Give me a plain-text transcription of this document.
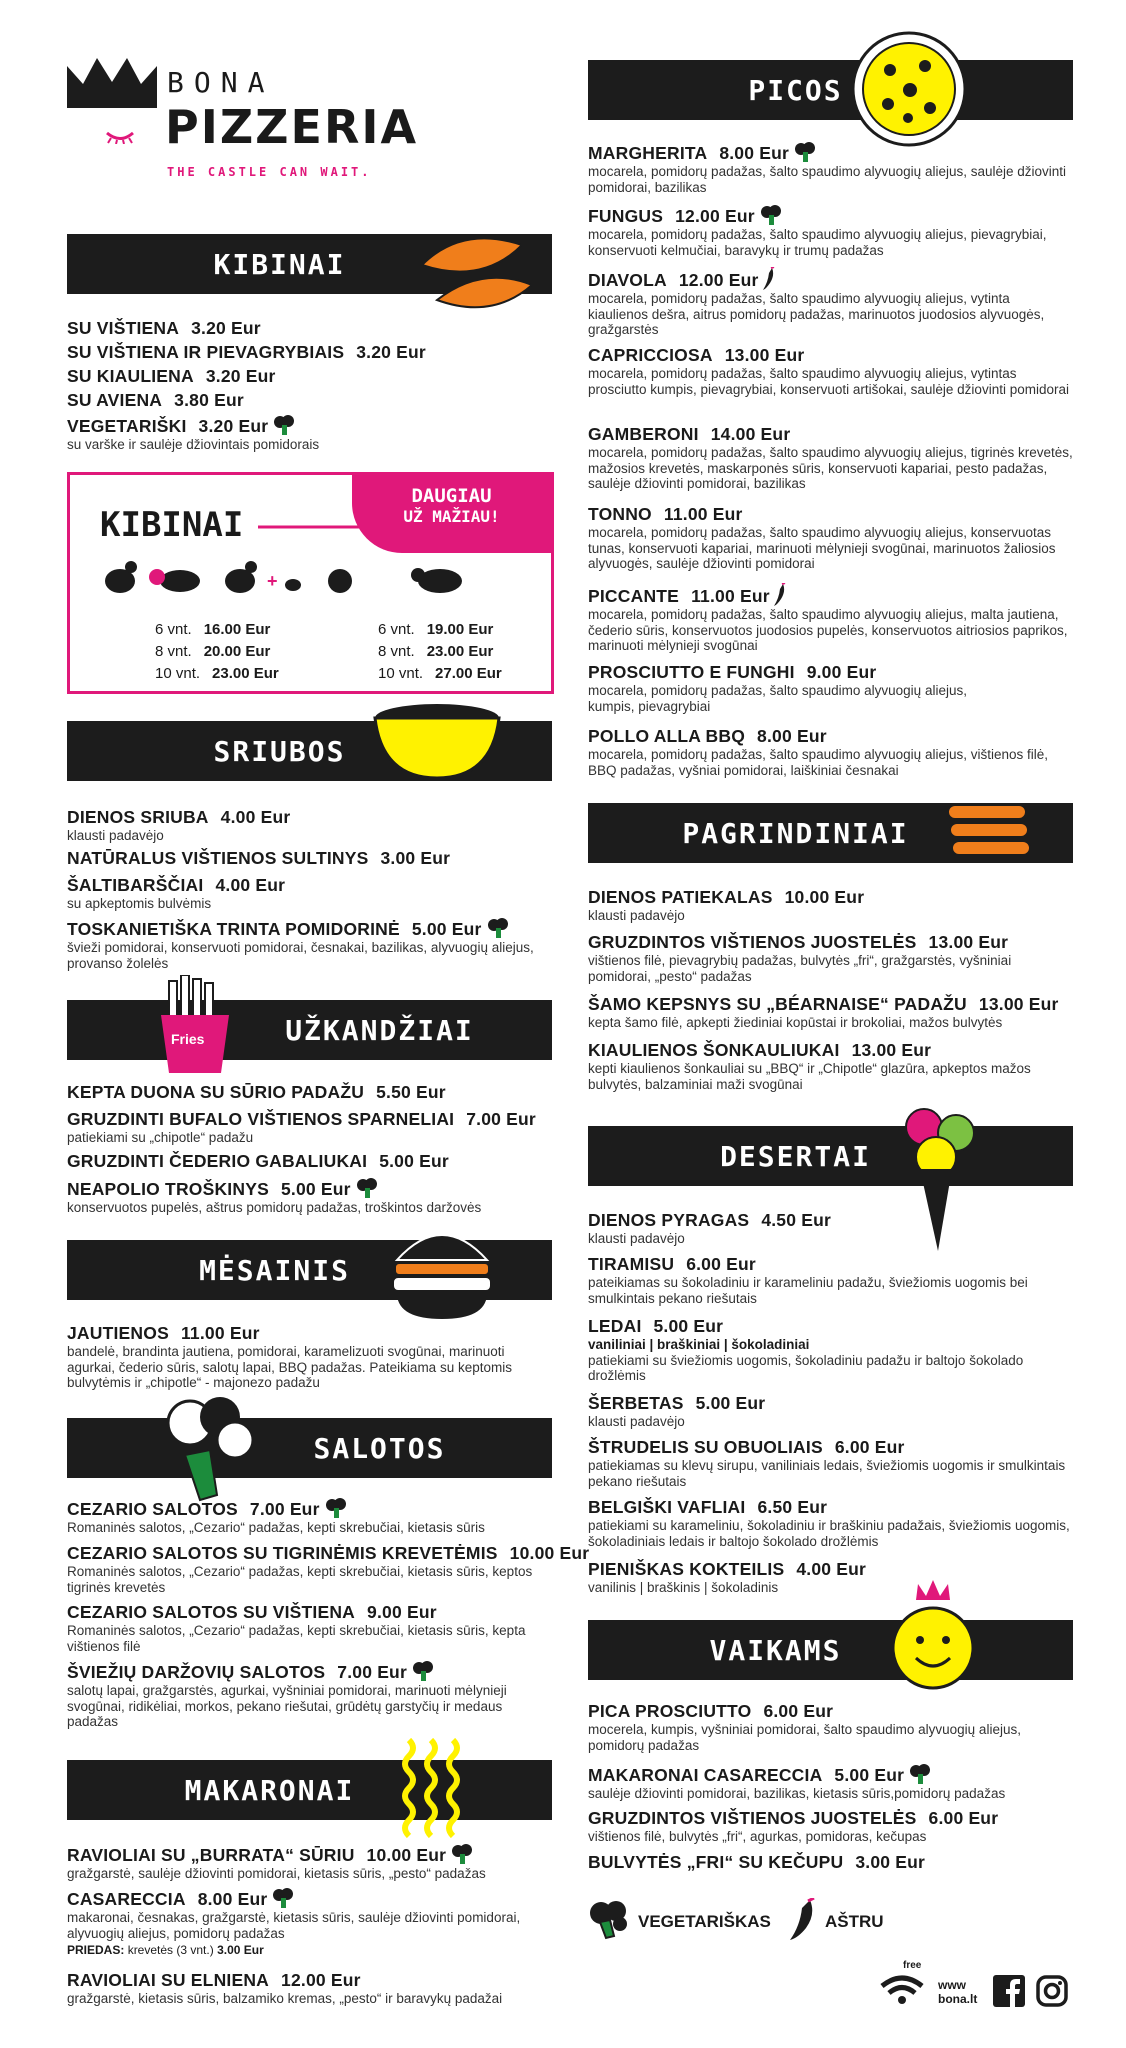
BONA
PIZZERIA
THE CASTLE CAN WAIT.
KIBINAI
SU VIŠTIENA 3.20 Eur
SU VIŠTIENA IR PIEVAGRYBIAIS 3.20 Eur
SU KIAULIENA 3.20 Eur
SU AVIENA 3.80 Eur
VEGETARIŠKI 3.20 Eur
su varške ir saulėje džiovintais pomidorais
KIBINAI
DAUGIAU
UŽ MAŽIAU!
+
6 vnt. 16.00 Eur
8 vnt. 20.00 Eur
10 vnt. 23.00 Eur
6 vnt. 19.00 Eur
8 vnt. 23.00 Eur
10 vnt. 27.00 Eur
SRIUBOS
DIENOS SRIUBA 4.00 Eur
klausti padavėjo
NATŪRALUS VIŠTIENOS SULTINYS 3.00 Eur
ŠALTIBARŠČIAI 4.00 Eur
su apkeptomis bulvėmis
TOSKANIETIŠKA TRINTA POMIDORINĖ 5.00 Eur
švieži pomidorai, konservuoti pomidorai, česnakai, bazilikas, alyvuogių aliejus, provanso žolelės
UŽKANDŽIAI
Fries
KEPTA DUONA SU SŪRIO PADAŽU 5.50 Eur
GRUZDINTI BUFALO VIŠTIENOS SPARNELIAI 7.00 Eur
patiekiami su „chipotle“ padažu
GRUZDINTI ČEDERIO GABALIUKAI 5.00 Eur
NEAPOLIO TROŠKINYS 5.00 Eur
konservuotos pupelės, aštrus pomidorų padažas, troškintos daržovės
MĖSAINIS
JAUTIENOS 11.00 Eur
bandelė, brandinta jautiena, pomidorai, karamelizuoti svogūnai, marinuoti agurkai, čederio sūris, salotų lapai, BBQ padažas. Pateikiama su keptomis bulvytėmis ir „chipotle“ - majonezo padažu
SALOTOS
CEZARIO SALOTOS 7.00 Eur
Romaninės salotos, „Cezario“ padažas, kepti skrebučiai, kietasis sūris
CEZARIO SALOTOS SU TIGRINĖMIS KREVETĖMIS 10.00 Eur
Romaninės salotos, „Cezario“ padažas, kepti skrebučiai, kietasis sūris, keptos tigrinės krevetės
CEZARIO SALOTOS SU VIŠTIENA 9.00 Eur
Romaninės salotos, „Cezario“ padažas, kepti skrebučiai, kietasis sūris, kepta vištienos filė
ŠVIEŽIŲ DARŽOVIŲ SALOTOS 7.00 Eur
salotų lapai, gražgarstės, agurkai, vyšniniai pomidorai, marinuoti mėlynieji svogūnai, ridikėliai, morkos, pekano riešutai, grūdėtų garstyčių ir medaus padažas
MAKARONAI
RAVIOLIAI SU „BURRATA“ SŪRIU 10.00 Eur
gražgarstė, saulėje džiovinti pomidorai, kietasis sūris, „pesto“ padažas
CASARECCIA 8.00 Eur
makaronai, česnakas, gražgarstė, kietasis sūris, saulėje džiovinti pomidorai, alyvuogių aliejus, pomidorų padažas
PRIEDAS: krevetės (3 vnt.) 3.00 Eur
RAVIOLIAI SU ELNIENA 12.00 Eur
gražgarstė, kietasis sūris, balzamiko kremas, „pesto“ ir baravykų padažai
PICOS
MARGHERITA 8.00 Eur
mocarela, pomidorų padažas, šalto spaudimo alyvuogių aliejus, saulėje džiovinti pomidorai, bazilikas
FUNGUS 12.00 Eur
mocarela, pomidorų padažas, šalto spaudimo alyvuogių aliejus, pievagrybiai, konservuoti kelmučiai, baravykų ir trumų padažas
DIAVOLA 12.00 Eur
mocarela, pomidorų padažas, šalto spaudimo alyvuogių aliejus, vytinta kiaulienos dešra, aitrus pomidorų padažas, marinuotos juodosios alyvuogės, gražgarstės
CAPRICCIOSA 13.00 Eur
mocarela, pomidorų padažas, šalto spaudimo alyvuogių aliejus, vytintas prosciutto kumpis, pievagrybiai, konservuoti artišokai, saulėje džiovinti pomidorai
GAMBERONI 14.00 Eur
mocarela, pomidorų padažas, šalto spaudimo alyvuogių aliejus, tigrinės krevetės, mažosios krevetės, maskarponės sūris, konservuoti kapariai, pesto padažas, saulėje džiovinti pomidorai, bazilikas
TONNO 11.00 Eur
mocarela, pomidorų padažas, šalto spaudimo alyvuogių aliejus, konservuotas tunas, konservuoti kapariai, marinuoti mėlynieji svogūnai, marinuotos žaliosios alyvuogės, saulėje džiovinti pomidorai
PICCANTE 11.00 Eur
mocarela, pomidorų padažas, šalto spaudimo alyvuogių aliejus, malta jautiena, čederio sūris, konservuotos juodosios pupelės, konservuotos aitriosios paprikos, marinuoti mėlynieji svogūnai
PROSCIUTTO E FUNGHI 9.00 Eur
mocarela, pomidorų padažas, šalto spaudimo alyvuogių aliejus, kumpis, pievagrybiai
POLLO ALLA BBQ 8.00 Eur
mocarela, pomidorų padažas, šalto spaudimo alyvuogių aliejus, vištienos filė, BBQ padažas, vyšniai pomidorai, laiškiniai česnakai
PAGRINDINIAI
DIENOS PATIEKALAS 10.00 Eur
klausti padavėjo
GRUZDINTOS VIŠTIENOS JUOSTELĖS 13.00 Eur
vištienos filė, pievagrybių padažas, bulvytės „fri“, gražgarstės, vyšniniai pomidorai, „pesto“ padažas
ŠAMO KEPSNYS SU „BÉARNAISE“ PADAŽU 13.00 Eur
kepta šamo filė, apkepti žiediniai kopūstai ir brokoliai, mažos bulvytės
KIAULIENOS ŠONKAULIUKAI 13.00 Eur
kepti kiaulienos šonkauliai su „BBQ“ ir „Chipotle“ glazūra, apkeptos mažos bulvytės, balzaminiai maži svogūnai
DESERTAI
DIENOS PYRAGAS 4.50 Eur
klausti padavėjo
TIRAMISU 6.00 Eur
pateikiamas su šokoladiniu ir karameliniu padažu, šviežiomis uogomis bei smulkintais pekano riešutais
LEDAI 5.00 Eur
vaniliniai | braškiniai | šokoladiniai
patiekiami su šviežiomis uogomis, šokoladiniu padažu ir baltojo šokolado drožlėmis
ŠERBETAS 5.00 Eur
klausti padavėjo
ŠTRUDELIS SU OBUOLIAIS 6.00 Eur
patiekiamas su klevų sirupu, vaniliniais ledais, šviežiomis uogomis ir smulkintais pekano riešutais
BELGIŠKI VAFLIAI 6.50 Eur
patiekiami su karameliniu, šokoladiniu ir braškiniu padažais, šviežiomis uogomis, šokoladiniais ledais ir baltojo šokolado drožlėmis
PIENIŠKAS KOKTEILIS 4.00 Eur
vanilinis | braškinis | šokoladinis
VAIKAMS
PICA PROSCIUTTO 6.00 Eur
mocerela, kumpis, vyšniniai pomidorai, šalto spaudimo alyvuogių aliejus, pomidorų padažas
MAKARONAI CASARECCIA 5.00 Eur
saulėje džiovinti pomidorai, bazilikas, kietasis sūris,pomidorų padažas
GRUZDINTOS VIŠTIENOS JUOSTELĖS 6.00 Eur
vištienos filė, bulvytės „fri“, agurkas, pomidoras, kečupas
BULVYTĖS „FRI“ SU KEČUPU 3.00 Eur
VEGETARIŠKAS	AŠTRU
free
www
bona.lt
